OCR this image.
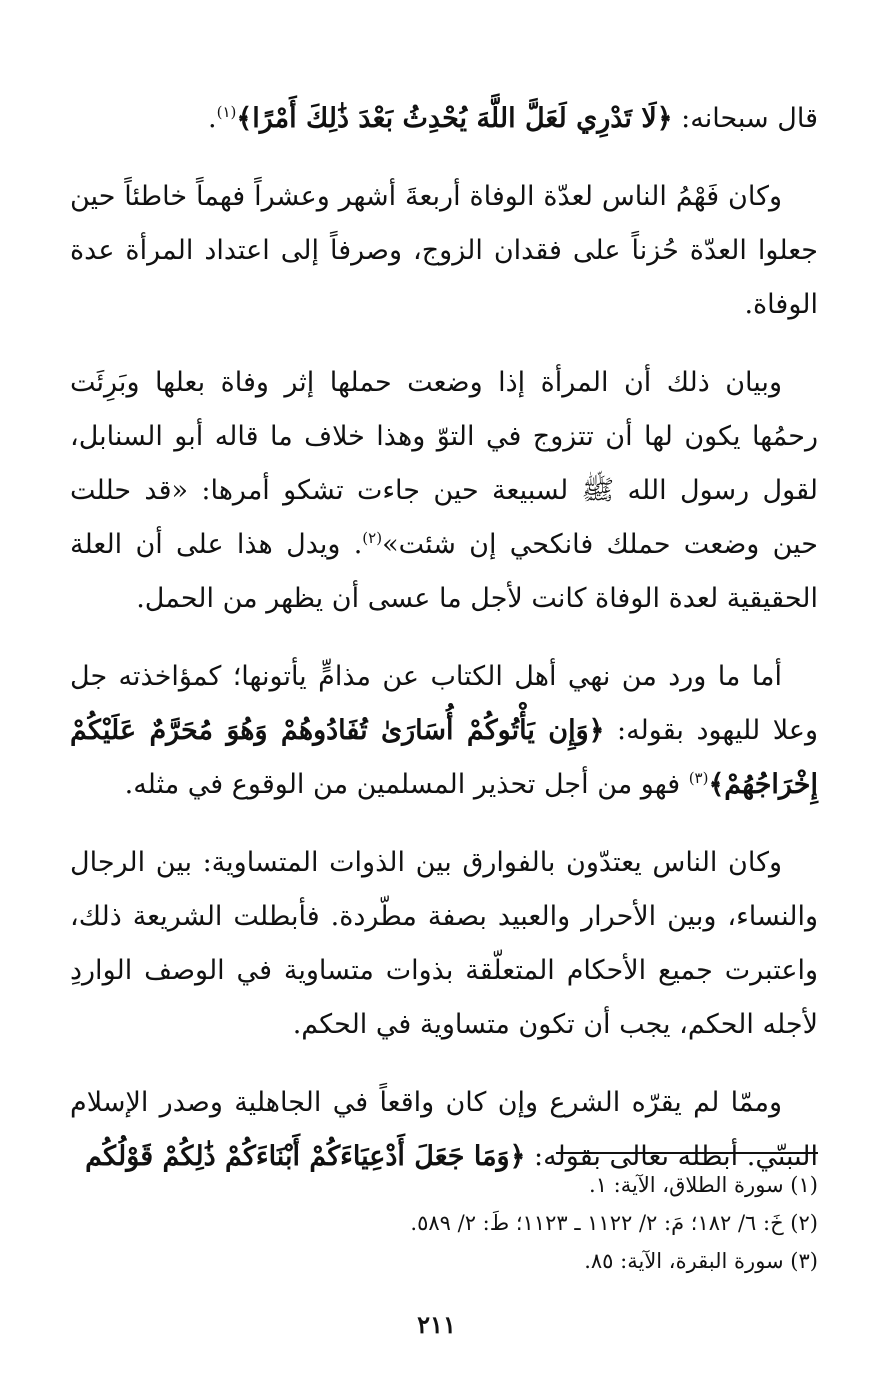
قال سبحانه: ﴿لَا تَدْرِي لَعَلَّ اللَّهَ يُحْدِثُ بَعْدَ ذَٰلِكَ أَمْرًا﴾$^{(١)}$.

وكان فَهْمُ الناس لعدّة الوفاة أربعةَ أشهر وعشراً فهماً خاطئاً حين جعلوا العدّة حُزناً على فقدان الزوج، وصرفاً إلى اعتداد المرأة عدة الوفاة.

وبيان ذلك أن المرأة إذا وضعت حملها إثر وفاة بعلها وبَرِئَت رحمُها يكون لها أن تتزوج في التوّ وهذا خلاف ما قاله أبو السنابل، لقول رسول الله ﷺ لسبيعة حين جاءت تشكو أمرها: «قد حللت حين وضعت حملك فانكحي إن شئت»$^{(٢)}$. ويدل هذا على أن العلة الحقيقية لعدة الوفاة كانت لأجل ما عسى أن يظهر من الحمل.

أما ما ورد من نهي أهل الكتاب عن مذامٍّ يأتونها؛ كمؤاخذته جل وعلا لليهود بقوله: ﴿وَإِن يَأْتُوكُمْ أُسَارَىٰ تُفَادُوهُمْ وَهُوَ مُحَرَّمٌ عَلَيْكُمْ إِخْرَاجُهُمْ﴾$^{(٣)}$ فهو من أجل تحذير المسلمين من الوقوع في مثله.

وكان الناس يعتدّون بالفوارق بين الذوات المتساوية: بين الرجال والنساء، وبين الأحرار والعبيد بصفة مطّردة. فأبطلت الشريعة ذلك، واعتبرت جميع الأحكام المتعلّقة بذوات متساوية في الوصف الواردِ لأجله الحكم، يجب أن تكون متساوية في الحكم.

وممّا لم يقرّه الشرع وإن كان واقعاً في الجاهلية وصدر الإسلام التبنّي. أبطله تعالى بقوله: ﴿وَمَا جَعَلَ أَدْعِيَاءَكُمْ أَبْنَاءَكُمْ ذَٰلِكُمْ قَوْلُكُم

(١) سورة الطلاق، الآية: ١.

(٢) خَ: ٦/ ١٨٢؛ مَ: ٢/ ١١٢٢ ـ ١١٢٣؛ طَ: ٢/ ٥٨٩.

(٣) سورة البقرة، الآية: ٨٥.

٢١١
